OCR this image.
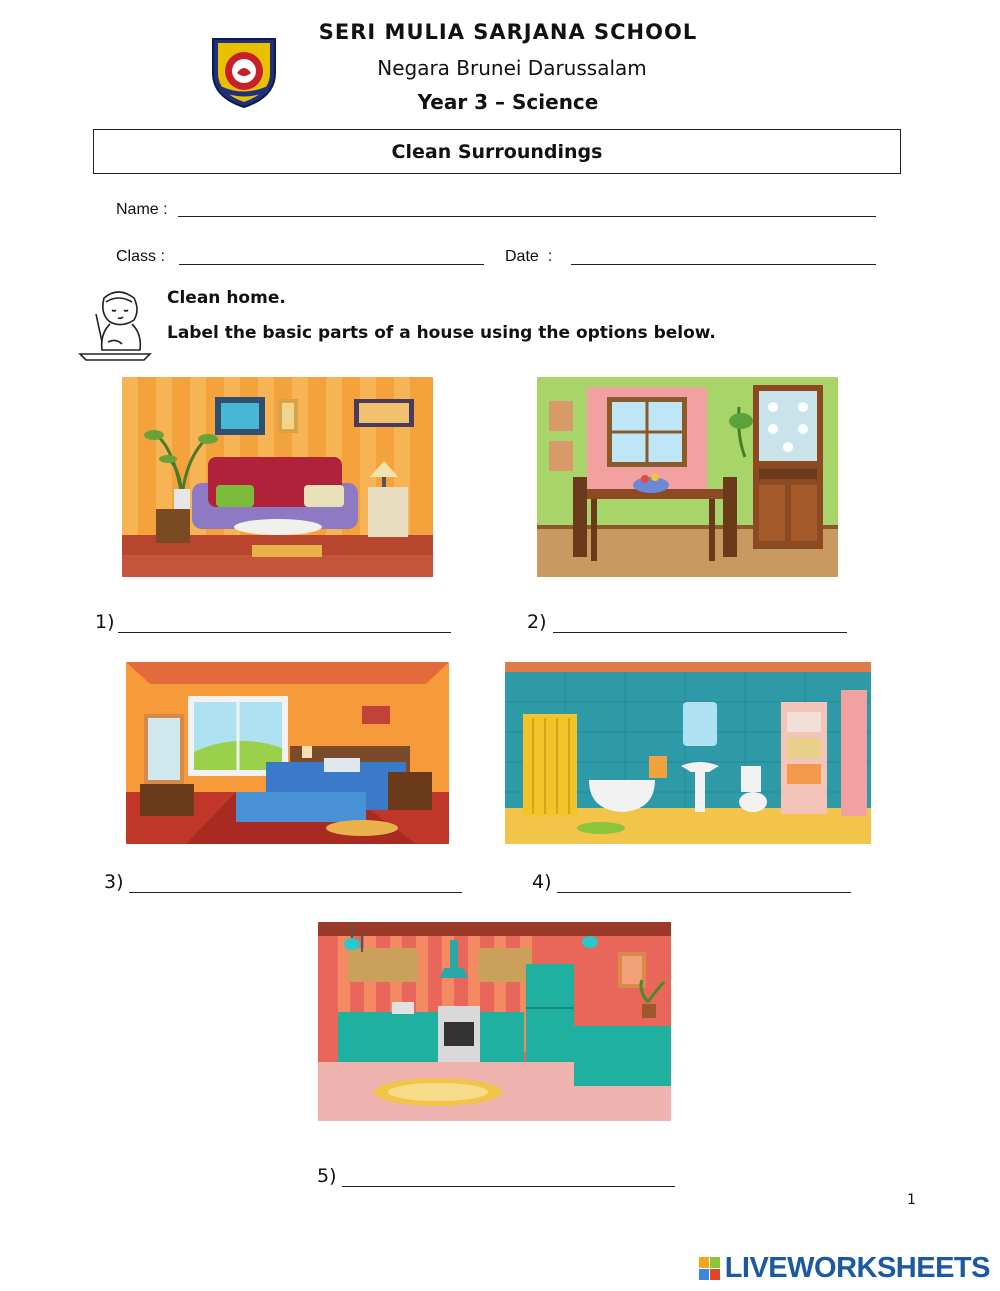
SERI MULIA SARJANA SCHOOL
Negara Brunei Darussalam
Year 3 – Science
Clean Surroundings
Name :
Class :	Date  :
Clean home.
Label the basic parts of a house using the options below.
1)	2)
3)	4)
5)
1
LIVEWORKSHEETS
